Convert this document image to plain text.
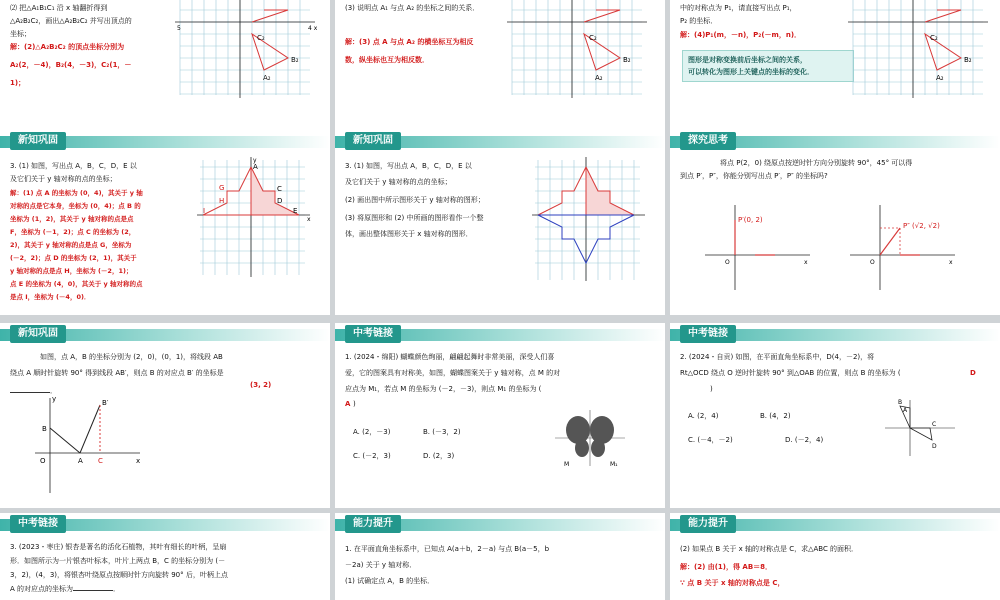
⑵ 把△A₁B₁C₁ 沿 x 轴翻折得到
△A₂B₂C₂，画出△A₂B₂C₂ 并写出顶点的
坐标；
解：(2)△A₂B₂C₂ 的顶点坐标分别为
A₂(2，－4)，B₂(4，－3)，C₂(1，－
1)；
C₂
B₂
A₂
5	4 x
(3) 说明点 A₁ 与点 A₂ 的坐标之间的关系．
解：(3) 点 A 与点 A₂ 的横坐标互为相反
数，纵坐标也互为相反数．
C₂
B₂
A₂
中的对称点为 P₁，请直接写出点 P₁，
P₂ 的坐标．
解：(4)P₁(m，－n)，P₂(－m，n)．
图形是对称变换前后坐标之间的关系，
可以转化为图形上关键点的坐标的变化．
C₂
B₂
A₂
新知巩固
3. (1) 如图，写出点 A，B，C，D，E 以
及它们关于 y 轴对称的点的坐标；
解：(1) 点 A 的坐标为 (0，4)，其关于 y 轴
对称的点是它本身，坐标为 (0，4)；点 B 的
坐标为 (1，2)，其关于 y 轴对称的点是点
F，坐标为 (－1，2)；点 C 的坐标为 (2，
2)，其关于 y 轴对称的点是点 G，坐标为
(－2，2)；点 D 的坐标为 (2，1)，其关于
y 轴对称的点是点 H，坐标为 (－2，1)；
点 E 的坐标为 (4，0)，其关于 y 轴对称的点
是点 I，坐标为 (－4，0)．
A
C
D
E
G
H
I
x
y
新知巩固
3. (1) 如图，写出点 A，B，C，D，E 以
及它们关于 y 轴对称的点的坐标；
(2) 画出图中所示图形关于 y 轴对称的图形；
(3) 将原图形和 (2) 中所画的图形看作一个整
体，画出整体图形关于 x 轴对称的图形．
探究思考
将点 P(2，0) 绕原点按逆时针方向分别旋转 90°，45° 可以得
到点 P′，P″，你能分别写出点 P′，P″ 的坐标吗?
P′(0, 2)
O	x
P″ (√2, √2)
O	x
新知巩固
如图，点 A，B 的坐标分别为 (2，0)，(0，1)，将线段 AB
绕点 A 顺时针旋转 90° 得到线段 AB′，则点 B 的对应点 B′ 的坐标是
(3, 2)
．
B
B′
A C
O	x
y
中考链接
1. (2024・绵阳) 蝴蝶颜色绚丽，翩翩起舞时非常美丽，深受人们喜
爱，它的图案具有对称美，如图，蝴蝶图案关于 y 轴对称，点 M 的对
应点为 M₁，若点 M 的坐标为 (－2，－3)，则点 M₁ 的坐标为 (
)
A
A. (2，－3)	B. (－3，2)
C. (－2，3)	D. (2，3)
M	M₁
中考链接
2. (2024・自贡) 如图，在平面直角坐标系中，D(4，－2)，将
Rt△OCD 绕点 O 逆时针旋转 90° 到△OAB 的位置，则点 B 的坐标为 (
)
D
A. (2，4)	B. (4，2)
C. (－4，－2)	D. (－2，4)
B
A
C
D
中考链接
3. (2023・枣庄) 银杏是著名的活化石植物，其叶有细长的叶柄，呈扇
形．如图所示为一片银杏叶标本，叶片上两点 B，C 的坐标分别为 (－
3，2)，(4，3)，将银杏叶绕原点按顺时针方向旋转 90° 后，叶柄上点
A 的对应点的坐标为	．
能力提升
1. 在平面直角坐标系中，已知点 A(a＋b，2－a) 与点 B(a－5，b
－2a) 关于 y 轴对称．
(1) 试确定点 A，B 的坐标．
能力提升
(2) 如果点 B 关于 x 轴的对称点是 C，求△ABC 的面积．
解：(2) 由(1)，得 AB＝8．
∵ 点 B 关于 x 轴的对称点是 C，
